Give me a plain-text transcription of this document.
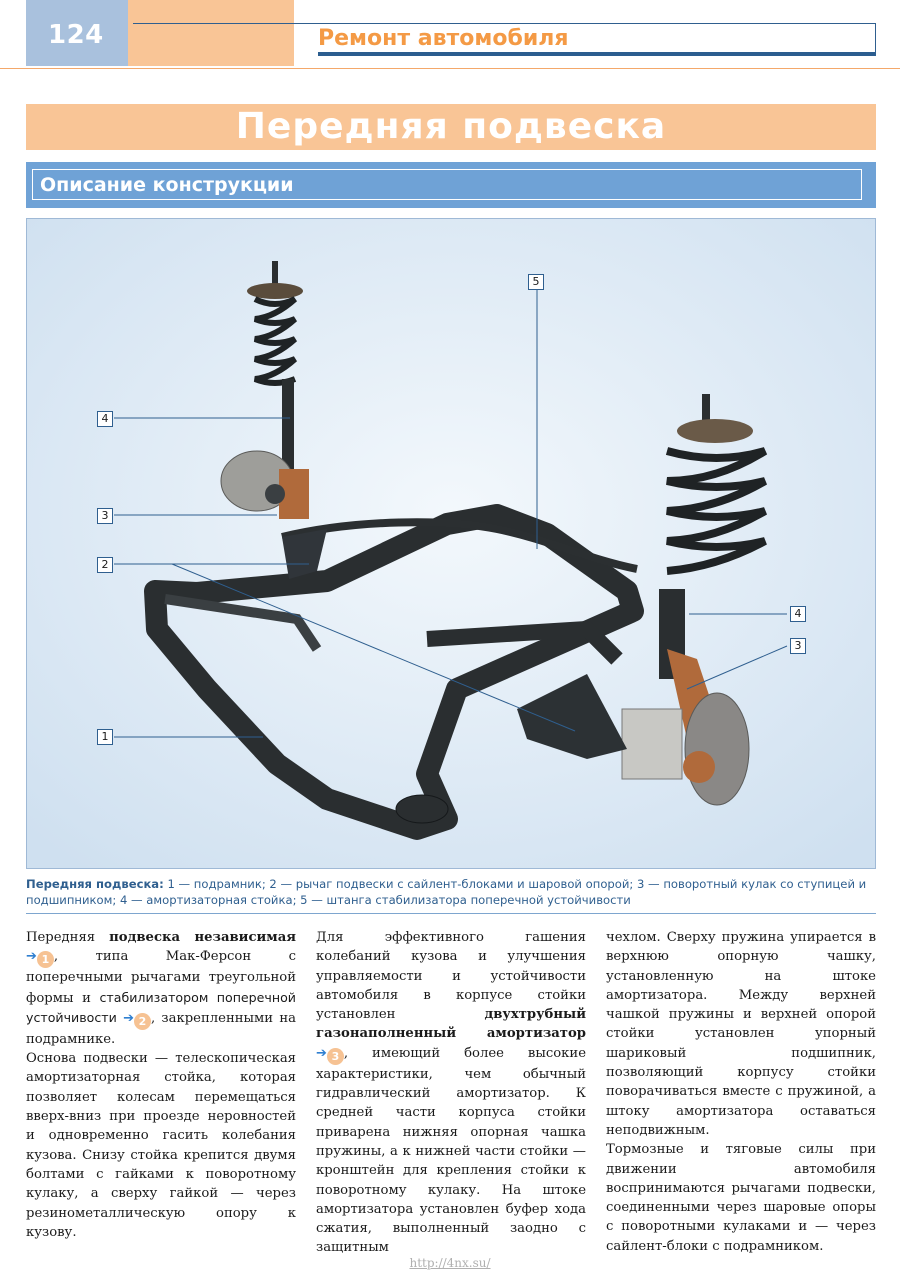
124	Ремонт автомобиля
Передняя подвеска
Описание конструкции
4
3
2
1
5
4
3
Передняя подвеска: 1 — подрамник; 2 — рычаг подвески с сайлент-блоками и шаровой опорой; 3 — поворотный кулак со ступицей и подшипником; 4 — амортизаторная стойка; 5 — штанга стабилизатора поперечной устойчивости

Передняя подвеска независимая ➔ 1 , типа Мак-Ферсон с поперечными рычагами треугольной формы и стабилизатором поперечной устойчивости ➔ 2 , закрепленными на подрамнике.

Основа подвески — телескопическая амортизаторная стойка, которая позволяет колесам перемещаться вверх-вниз при проезде неровностей и одновременно гасить колебания кузова. Снизу стойка крепится двумя болтами с гайками к поворотному кулаку, а сверху гайкой — через резинометаллическую опору к кузову.

Для эффективного гашения колебаний кузова и улучшения управляемости и устойчивости автомобиля в корпусе стойки установлен двухтрубный газонаполненный амортизатор ➔ 3 , имеющий более высокие характеристики, чем обычный гидравлический амортизатор. К средней части корпуса стойки приварена нижняя опорная чашка пружины, а к нижней части стойки — кронштейн для крепления стойки к поворотному кулаку. На штоке амортизатора установлен буфер хода сжатия, выполненный заодно с защитным

чехлом. Сверху пружина упирается в верхнюю опорную чашку, установленную на штоке амортизатора. Между верхней чашкой пружины и верхней опорой стойки установлен упорный шариковый подшипник, позволяющий корпусу стойки поворачиваться вместе с пружиной, а штоку амортизатора оставаться неподвижным.

Тормозные и тяговые силы при движении автомобиля воспринимаются рычагами подвески, соединенными через шаровые опоры с поворотными кулаками и — через сайлент-блоки с подрамником.

http://4nx.su/
